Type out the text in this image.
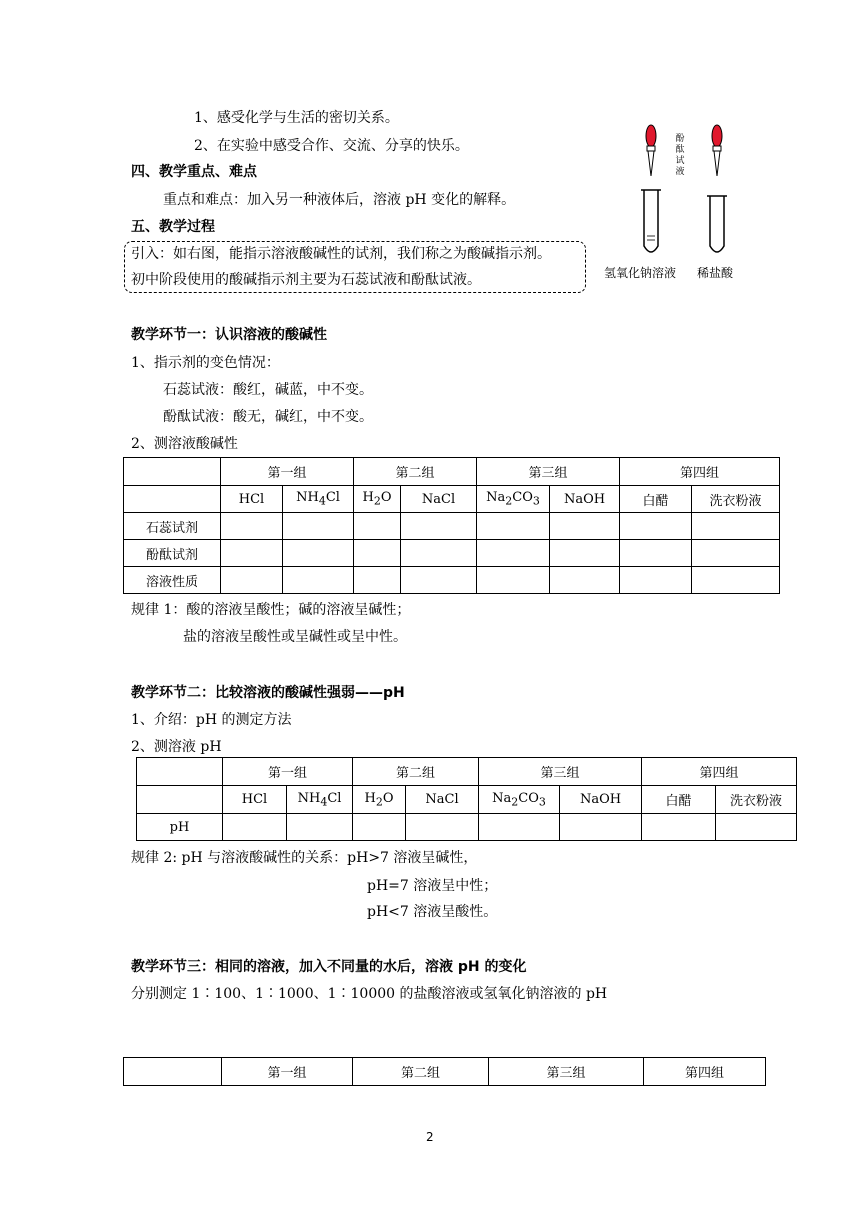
1、感受化学与生活的密切关系。
2、在实验中感受合作、交流、分享的快乐。
四、教学重点、难点
重点和难点：加入另一种液体后，溶液 pH 变化的解释。
五、教学过程
引入：如右图，能指示溶液酸碱性的试剂，我们称之为酸碱指示剂。
初中阶段使用的酸碱指示剂主要为石蕊试液和酚酞试液。
酚酞试液
氢氧化钠溶液 稀盐酸
教学环节一：认识溶液的酸碱性
1、指示剂的变色情况：
石蕊试液：酸红，碱蓝，中不变。
酚酞试液：酸无，碱红，中不变。
2、测溶液酸碱性
	第一组		第二组		第三组		第四组	
	HCl	$NH_4Cl$	$H_2O$	NaCl	$Na_2CO_3$	NaOH	白醋	洗衣粉液
石蕊试剂								
酚酞试剂								
溶液性质								
规律 1：酸的溶液呈酸性；碱的溶液呈碱性；
盐的溶液呈酸性或呈碱性或呈中性。
教学环节二：比较溶液的酸碱性强弱——pH
1、介绍：pH 的测定方法
2、测溶液 pH
	第一组		第二组		第三组		第四组	
	HCl	$NH_4Cl$	$H_2O$	NaCl	$Na_2CO_3$	NaOH	白醋	洗衣粉液
pH								
规律 2: pH 与溶液酸碱性的关系：pH>7 溶液呈碱性，
pH=7 溶液呈中性；
pH<7 溶液呈酸性。
教学环节三：相同的溶液，加入不同量的水后，溶液 pH 的变化
分别测定 1∶100、1∶1000、1∶10000 的盐酸溶液或氢氧化钠溶液的 pH
	第一组	第二组	第三组	第四组
2
